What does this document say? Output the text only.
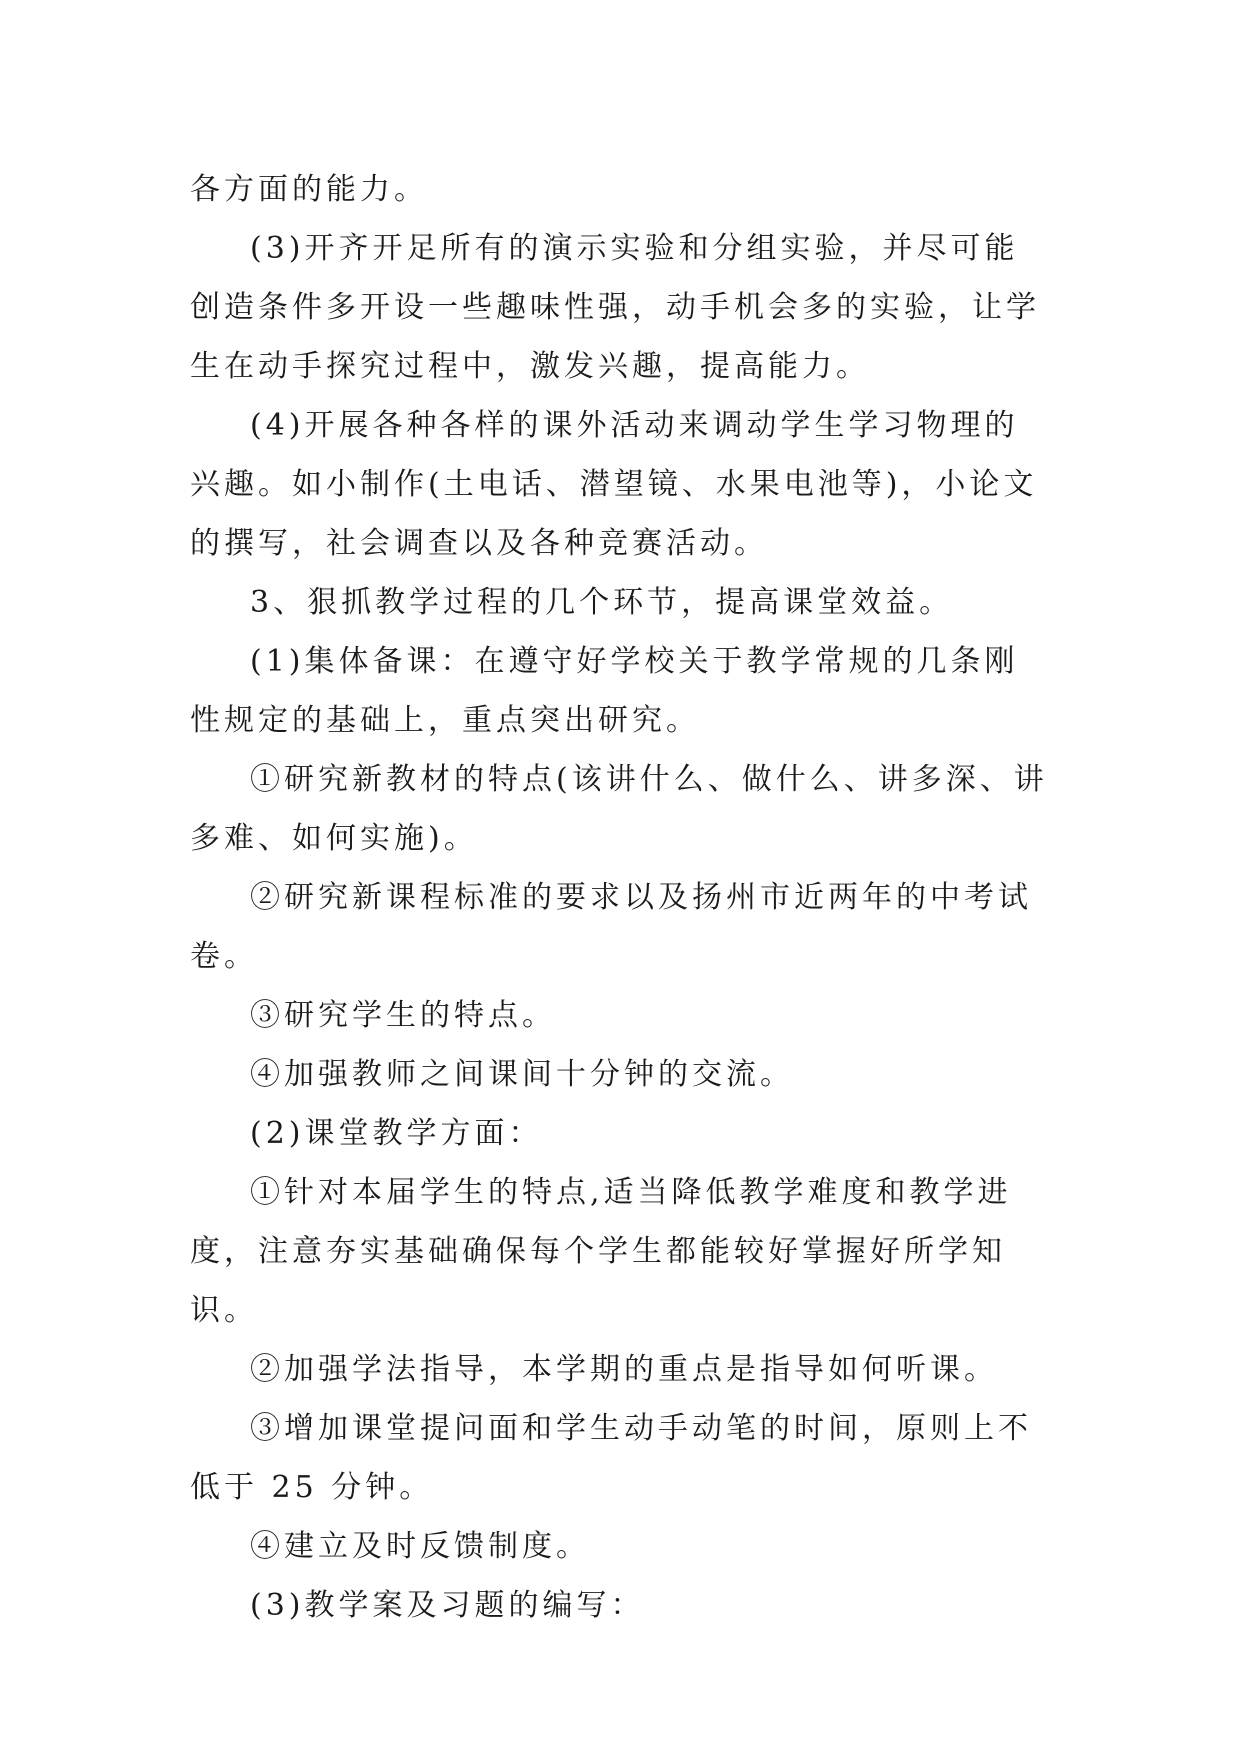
各方面的能力。

(3)开齐开足所有的演示实验和分组实验，并尽可能创造条件多开设一些趣味性强，动手机会多的实验，让学生在动手探究过程中，激发兴趣，提高能力。

(4)开展各种各样的课外活动来调动学生学习物理的兴趣。如小制作(土电话、潜望镜、水果电池等)，小论文的撰写，社会调查以及各种竞赛活动。

3、狠抓教学过程的几个环节，提高课堂效益。

(1)集体备课：在遵守好学校关于教学常规的几条刚性规定的基础上，重点突出研究。

①研究新教材的特点(该讲什么、做什么、讲多深、讲多难、如何实施)。

②研究新课程标准的要求以及扬州市近两年的中考试卷。

③研究学生的特点。

④加强教师之间课间十分钟的交流。

(2)课堂教学方面：

①针对本届学生的特点,适当降低教学难度和教学进度，注意夯实基础确保每个学生都能较好掌握好所学知识。

②加强学法指导，本学期的重点是指导如何听课。

③增加课堂提问面和学生动手动笔的时间，原则上不低于 25 分钟。

④建立及时反馈制度。

(3)教学案及习题的编写：
